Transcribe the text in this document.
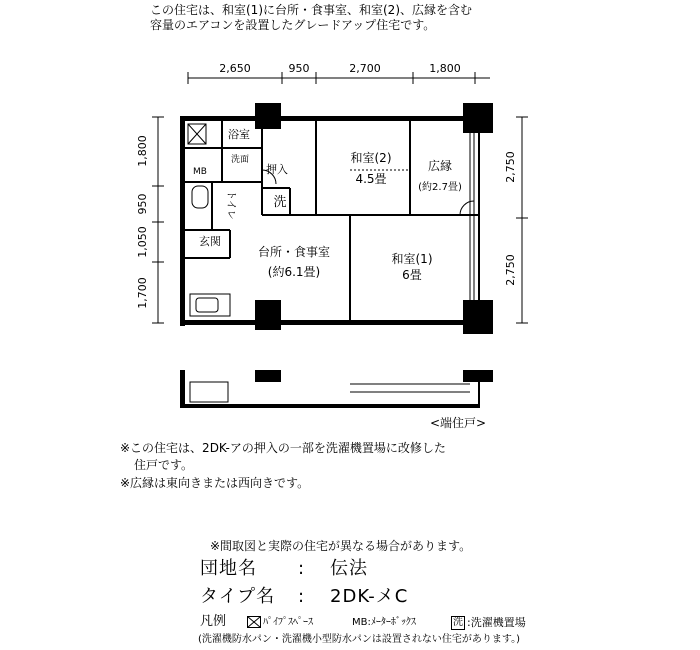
この住宅は、和室(1)に台所・食事室、和室(2)、広縁を含む
容量のエアコンを設置したグレードアップ住宅です。
2,650	950	2,700	1,800
1,800
950
1,050
1,700
2,750
2,750
浴室
洗面
MB	押入
洗
玄関
和室(2)
4.5畳
広縁
(約2.7畳)
台所・食事室
(約6.1畳)
和室(1)
6畳
トイレ
<端住戸>
※この住宅は、2DK-アの押入の一部を洗濯機置場に改修した
住戸です。
※広縁は東向きまたは西向きです。
※間取図と実際の住宅が異なる場合があります。
団地名 : 伝法
タイプ名 : 2DK-メC
凡例	ﾊﾟｲﾌﾟｽﾍﾟｰｽ	MB:ﾒｰﾀｰﾎﾞｯｸｽ	洗 :洗濯機置場
(洗濯機防水パン・洗濯機小型防水パンは設置されない住宅があります。)
